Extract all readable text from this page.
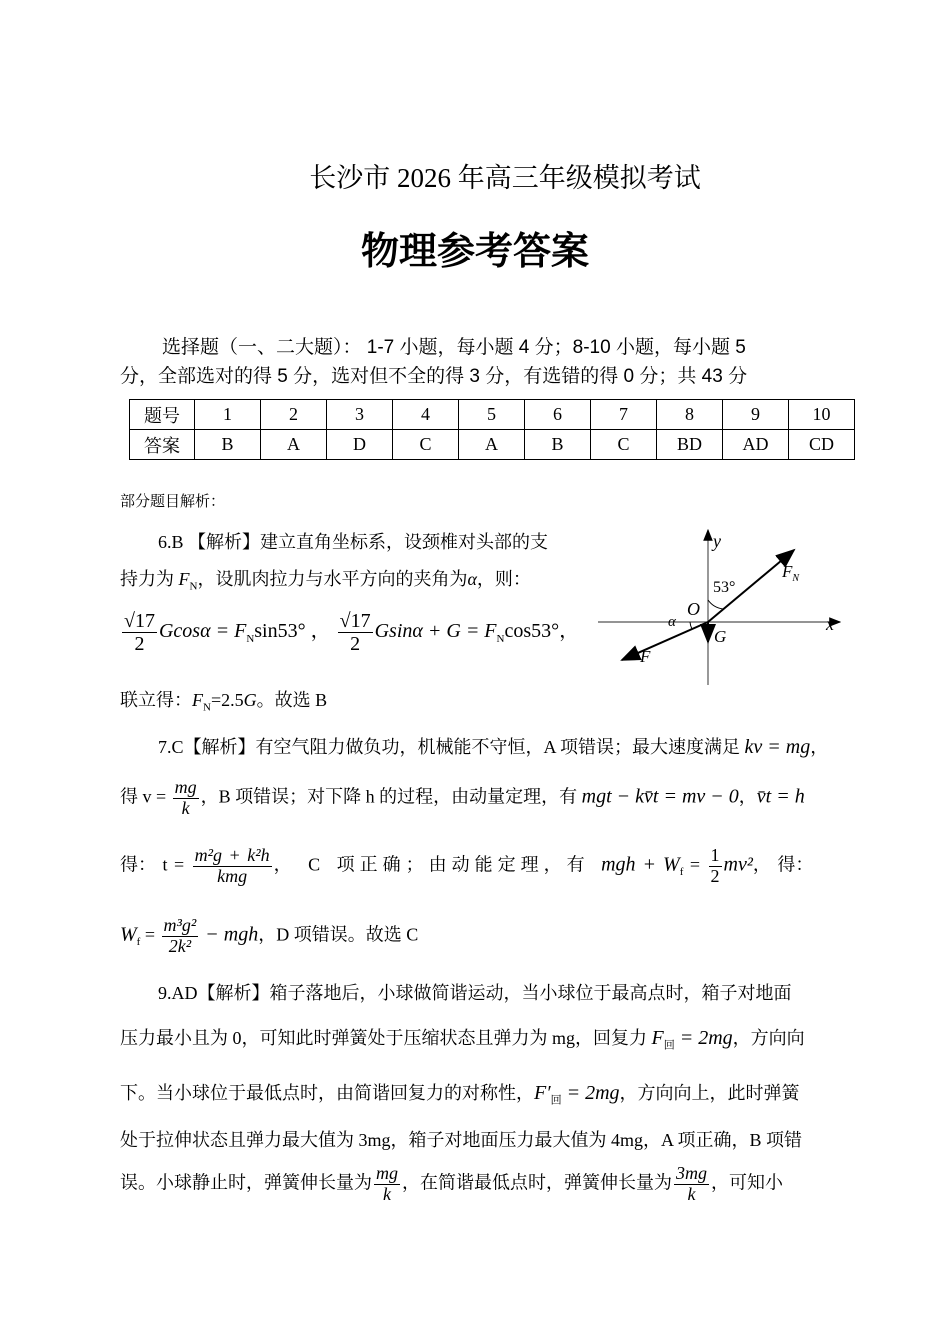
长沙市 2026 年高三年级模拟考试
物理参考答案
选择题（一、二大题）： 1-7 小题，每小题 4 分；8-10 小题，每小题 5
分，全部选对的得 5 分，选对但不全的得 3 分，有选错的得 0 分；共 43 分
题号	1	2	3	4	5	6	7	8	9	10
答案	B	A	D	C	A	B	C	BD	AD	CD
部分题目解析：
6.B 【解析】建立直角坐标系，设颈椎对头部的支
持力为 $F_N$，设肌肉拉力与水平方向的夹角为α，则：
$\frac{√17}{2}$ $Gcos\alpha = F_N\sin 53^\circ$ ， $\frac{√17}{2}$ $Gsin\alpha + G = F_N\cos 53^\circ$，
联立得：$F_N=2.5G$。故选 B
y
x
O
53°
$F_N$
G
F
α
7.C【解析】有空气阻力做负功，机械能不守恒，A 项错误；最大速度满足 kv = mg，
得 $v = \frac{mg}{k}$ ，B 项错误；对下降 h 的过程，由动量定理，有 mgt − kv̄t = mv − 0，v̄t = h
得： $t = \frac{\text{m²g + k²h}}{\text{kmg}}$ ， C 项正确；由动能定理，有 mgh + $W_f = \frac{1}{2} mv^2$， 得：
$W_f = \frac{\text{m³g²}}{\text{2k²}}$ − mgh，D 项错误。故选 C
9.AD【解析】箱子落地后，小球做简谐运动，当小球位于最高点时，箱子对地面
压力最小且为 0，可知此时弹簧处于压缩状态且弹力为 mg，回复力 $F_回 = 2mg$，方向向
下。当小球位于最低点时，由简谐回复力的对称性，$F'_回 = 2mg$，方向向上，此时弹簧
处于拉伸状态且弹力最大值为 3mg，箱子对地面压力最大值为 4mg，A 项正确，B 项错
误。小球静止时，弹簧伸长量为 $\frac{mg}{k}$ ，在简谐最低点时，弹簧伸长量为 $\frac{3mg}{k}$ ，可知小
